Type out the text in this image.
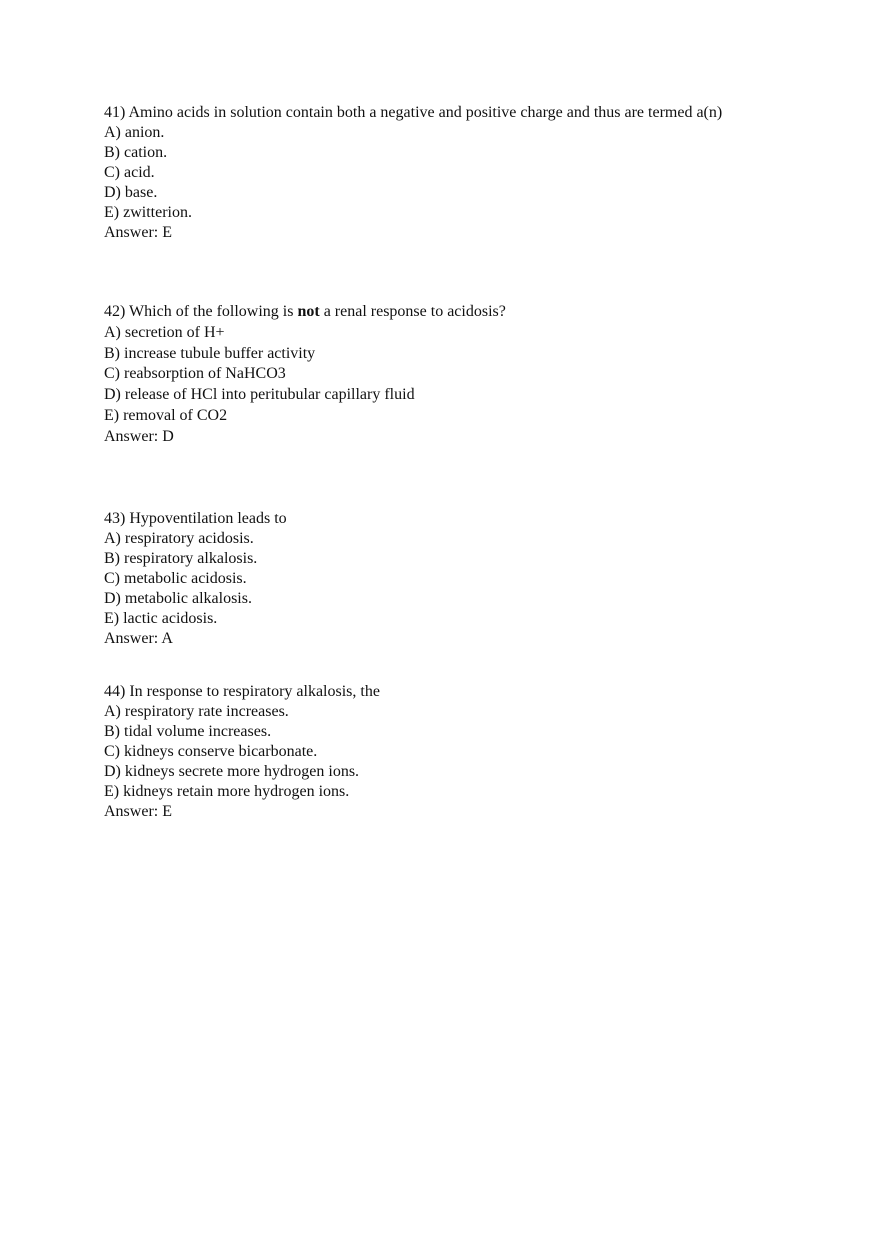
41) Amino acids in solution contain both a negative and positive charge and thus are termed a(n)
A) anion.
B) cation.
C) acid.
D) base.
E) zwitterion.
Answer: E
42) Which of the following is not a renal response to acidosis?
A) secretion of H+
B) increase tubule buffer activity
C) reabsorption of NaHCO3
D) release of HCl into peritubular capillary fluid
E) removal of CO2
Answer: D
43) Hypoventilation leads to
A) respiratory acidosis.
B) respiratory alkalosis.
C) metabolic acidosis.
D) metabolic alkalosis.
E) lactic acidosis.
Answer: A
44) In response to respiratory alkalosis, the
A) respiratory rate increases.
B) tidal volume increases.
C) kidneys conserve bicarbonate.
D) kidneys secrete more hydrogen ions.
E) kidneys retain more hydrogen ions.
Answer: E
